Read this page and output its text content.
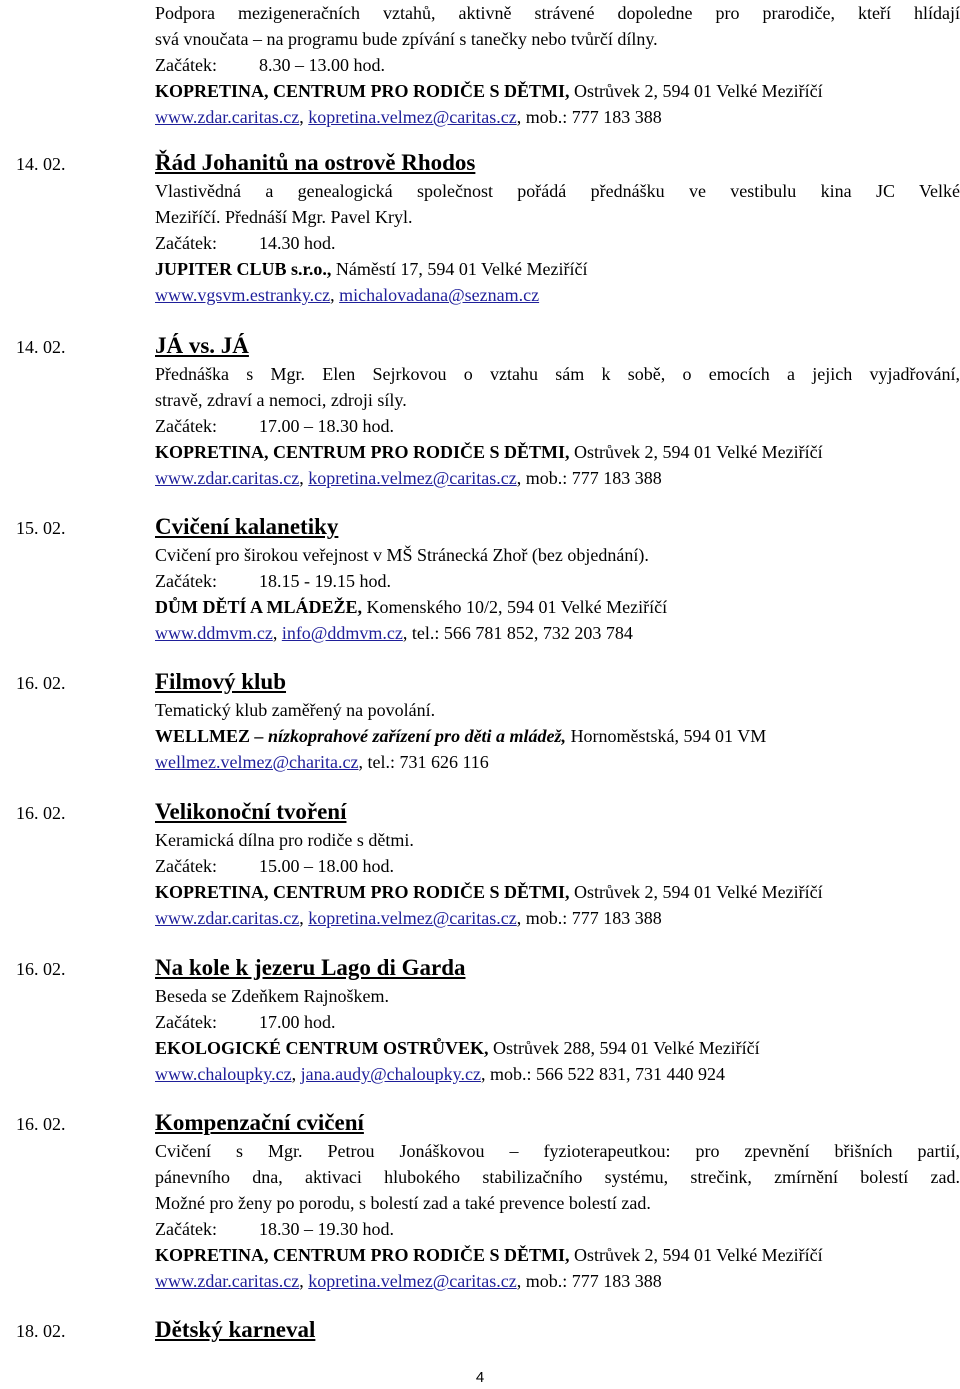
Podpora mezigeneračních vztahů, aktivně strávené dopoledne pro prarodiče, kteří hlídají
svá vnoučata – na programu bude zpívání s tanečky nebo tvůrčí dílny.
Začátek: 8.30 – 13.00 hod.
KOPRETINA, CENTRUM PRO RODIČE S DĚTMI, Ostrůvek 2, 594 01 Velké Meziříčí
www.zdar.caritas.cz, kopretina.velmez@caritas.cz, mob.: 777 183 388
14. 02.	Řád Johanitů na ostrově Rhodos
Vlastivědná a genealogická společnost pořádá přednášku ve vestibulu kina JC Velké
Meziříčí. Přednáší Mgr. Pavel Kryl.
Začátek: 14.30 hod.
JUPITER CLUB s.r.o., Náměstí 17, 594 01 Velké Meziříčí
www.vgsvm.estranky.cz, michalovadana@seznam.cz
14. 02.	JÁ vs. JÁ
Přednáška s Mgr. Elen Sejrkovou o vztahu sám k sobě, o emocích a jejich vyjadřování,
stravě, zdraví a nemoci, zdroji síly.
Začátek: 17.00 – 18.30 hod.
KOPRETINA, CENTRUM PRO RODIČE S DĚTMI, Ostrůvek 2, 594 01 Velké Meziříčí
www.zdar.caritas.cz, kopretina.velmez@caritas.cz, mob.: 777 183 388
15. 02.	Cvičení kalanetiky
Cvičení pro širokou veřejnost v MŠ Stránecká Zhoř (bez objednání).
Začátek: 18.15 - 19.15 hod.
DŮM DĚTÍ A MLÁDEŽE, Komenského 10/2, 594 01 Velké Meziříčí
www.ddmvm.cz, info@ddmvm.cz, tel.: 566 781 852, 732 203 784
16. 02.	Filmový klub
Tematický klub zaměřený na povolání.
WELLMEZ – nízkoprahové zařízení pro děti a mládež, Hornoměstská, 594 01 VM
wellmez.velmez@charita.cz, tel.: 731 626 116
16. 02.	Velikonoční tvoření
Keramická dílna pro rodiče s dětmi.
Začátek: 15.00 – 18.00 hod.
KOPRETINA, CENTRUM PRO RODIČE S DĚTMI, Ostrůvek 2, 594 01 Velké Meziříčí
www.zdar.caritas.cz, kopretina.velmez@caritas.cz, mob.: 777 183 388
16. 02.	Na kole k jezeru Lago di Garda
Beseda se Zdeňkem Rajnoškem.
Začátek: 17.00 hod.
EKOLOGICKÉ CENTRUM OSTRŮVEK, Ostrůvek 288, 594 01 Velké Meziříčí
www.chaloupky.cz, jana.audy@chaloupky.cz, mob.: 566 522 831, 731 440 924
16. 02.	Kompenzační cvičení
Cvičení s Mgr. Petrou Jonáškovou – fyzioterapeutkou: pro zpevnění břišních partií,
pánevního dna, aktivaci hlubokého stabilizačního systému, strečink, zmírnění bolestí zad.
Možné pro ženy po porodu, s bolestí zad a také prevence bolestí zad.
Začátek: 18.30 – 19.30 hod.
KOPRETINA, CENTRUM PRO RODIČE S DĚTMI, Ostrůvek 2, 594 01 Velké Meziříčí
www.zdar.caritas.cz, kopretina.velmez@caritas.cz, mob.: 777 183 388
18. 02.	Dětský karneval
4
